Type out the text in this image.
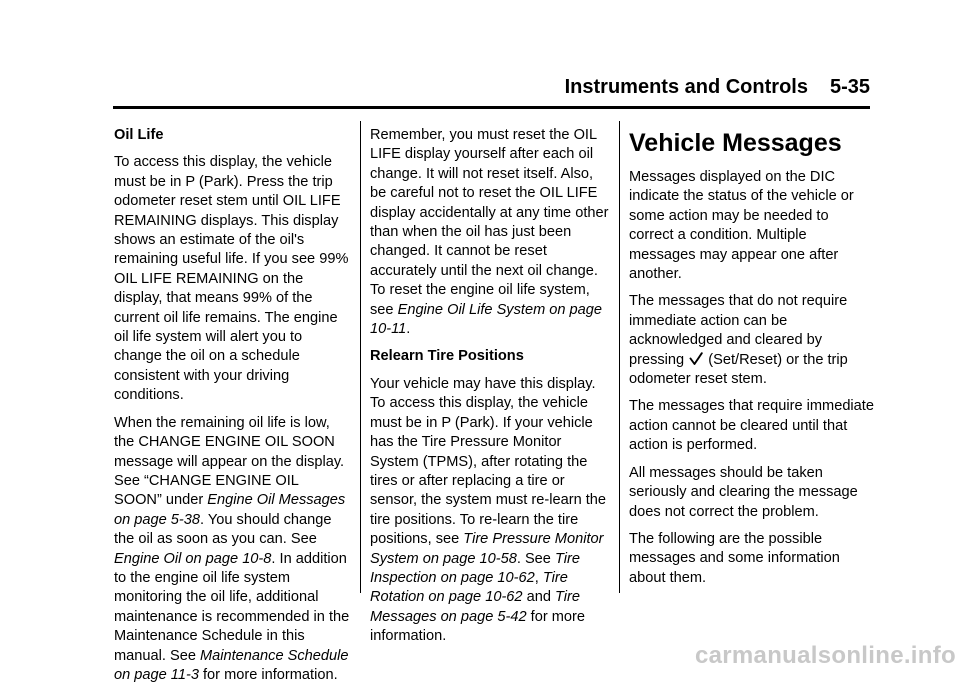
Instruments and Controls 5-35

Oil Life

To access this display, the vehicle must be in P (Park). Press the trip odometer reset stem until OIL LIFE REMAINING displays. This display shows an estimate of the oil's remaining useful life. If you see 99% OIL LIFE REMAINING on the display, that means 99% of the current oil life remains. The engine oil life system will alert you to change the oil on a schedule consistent with your driving conditions.

When the remaining oil life is low, the CHANGE ENGINE OIL SOON message will appear on the display. See “CHANGE ENGINE OIL SOON” under Engine Oil Messages on page 5‑38. You should change the oil as soon as you can. See Engine Oil on page 10‑8. In addition to the engine oil life system monitoring the oil life, additional maintenance is recommended in the Maintenance Schedule in this manual. See Maintenance Schedule on page 11‑3 for more information.

Remember, you must reset the OIL LIFE display yourself after each oil change. It will not reset itself. Also, be careful not to reset the OIL LIFE display accidentally at any time other than when the oil has just been changed. It cannot be reset accurately until the next oil change. To reset the engine oil life system, see Engine Oil Life System on page 10‑11.

Relearn Tire Positions

Your vehicle may have this display. To access this display, the vehicle must be in P (Park). If your vehicle has the Tire Pressure Monitor System (TPMS), after rotating the tires or after replacing a tire or sensor, the system must re-learn the tire positions. To re-learn the tire positions, see Tire Pressure Monitor System on page 10‑58. See Tire Inspection on page 10‑62, Tire Rotation on page 10‑62 and Tire Messages on page 5‑42 for more information.

Vehicle Messages

Messages displayed on the DIC indicate the status of the vehicle or some action may be needed to correct a condition. Multiple messages may appear one after another.

The messages that do not require immediate action can be acknowledged and cleared by pressing  (Set/Reset) or the trip odometer reset stem.

The messages that require immediate action cannot be cleared until that action is performed.

All messages should be taken seriously and clearing the message does not correct the problem.

The following are the possible messages and some information about them.

carmanualsonline.info
